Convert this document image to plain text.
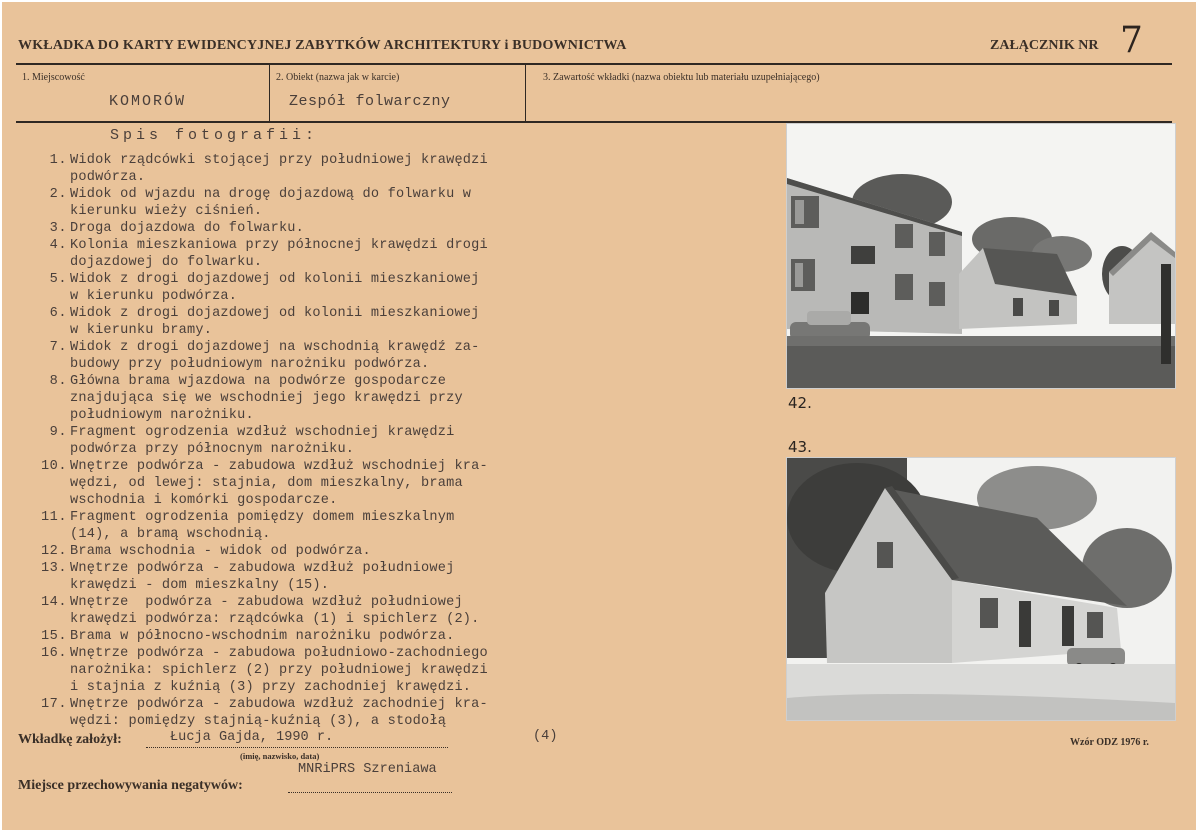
WKŁADKA DO KARTY EWIDENCYJNEJ ZABYTKÓW ARCHITEKTURY i BUDOWNICTWA	ZAŁĄCZNIK NR 7
1. Miejscowość
KOMORÓW
2. Obiekt (nazwa jak w karcie)
Zespół folwarczny
3. Zawartość wkładki (nazwa obiektu lub materiału uzupełniającego)
Spis fotografii:
1. Widok rządcówki stojącej przy południowej krawędzi
podwórza.
2. Widok od wjazdu na drogę dojazdową do folwarku w
kierunku wieży ciśnień.
3. Droga dojazdowa do folwarku.
4. Kolonia mieszkaniowa przy północnej krawędzi drogi
dojazdowej do folwarku.
5. Widok z drogi dojazdowej od kolonii mieszkaniowej
w kierunku podwórza.
6. Widok z drogi dojazdowej od kolonii mieszkaniowej
w kierunku bramy.
7. Widok z drogi dojazdowej na wschodnią krawędź za-
budowy przy południowym narożniku podwórza.
8. Główna brama wjazdowa na podwórze gospodarcze
znajdująca się we wschodniej jego krawędzi przy
południowym narożniku.
9. Fragment ogrodzenia wzdłuż wschodniej krawędzi
podwórza przy północnym narożniku.
10. Wnętrze podwórza - zabudowa wzdłuż wschodniej kra-
wędzi, od lewej: stajnia, dom mieszkalny, brama
wschodnia i komórki gospodarcze.
11. Fragment ogrodzenia pomiędzy domem mieszkalnym
(14), a bramą wschodnią.
12. Brama wschodnia - widok od podwórza.
13. Wnętrze podwórza - zabudowa wzdłuż południowej
krawędzi - dom mieszkalny (15).
14. Wnętrze  podwórza - zabudowa wzdłuż południowej
krawędzi podwórza: rządcówka (1) i spichlerz (2).
15. Brama w północno-wschodnim narożniku podwórza.
16. Wnętrze podwórza - zabudowa południowo-zachodniego
narożnika: spichlerz (2) przy południowej krawędzi
i stajnia z kuźnią (3) przy zachodniej krawędzi.
17. Wnętrze podwórza - zabudowa wzdłuż zachodniej kra-
wędzi: pomiędzy stajnią-kuźnią (3), a stodołą
(4)
42.
43.
Wkładkę założył:	Łucja Gajda, 1990 r.
(imię, nazwisko, data)
MNRiPRS Szreniawa
Miejsce przechowywania negatywów:
Wzór ODZ 1976 r.
